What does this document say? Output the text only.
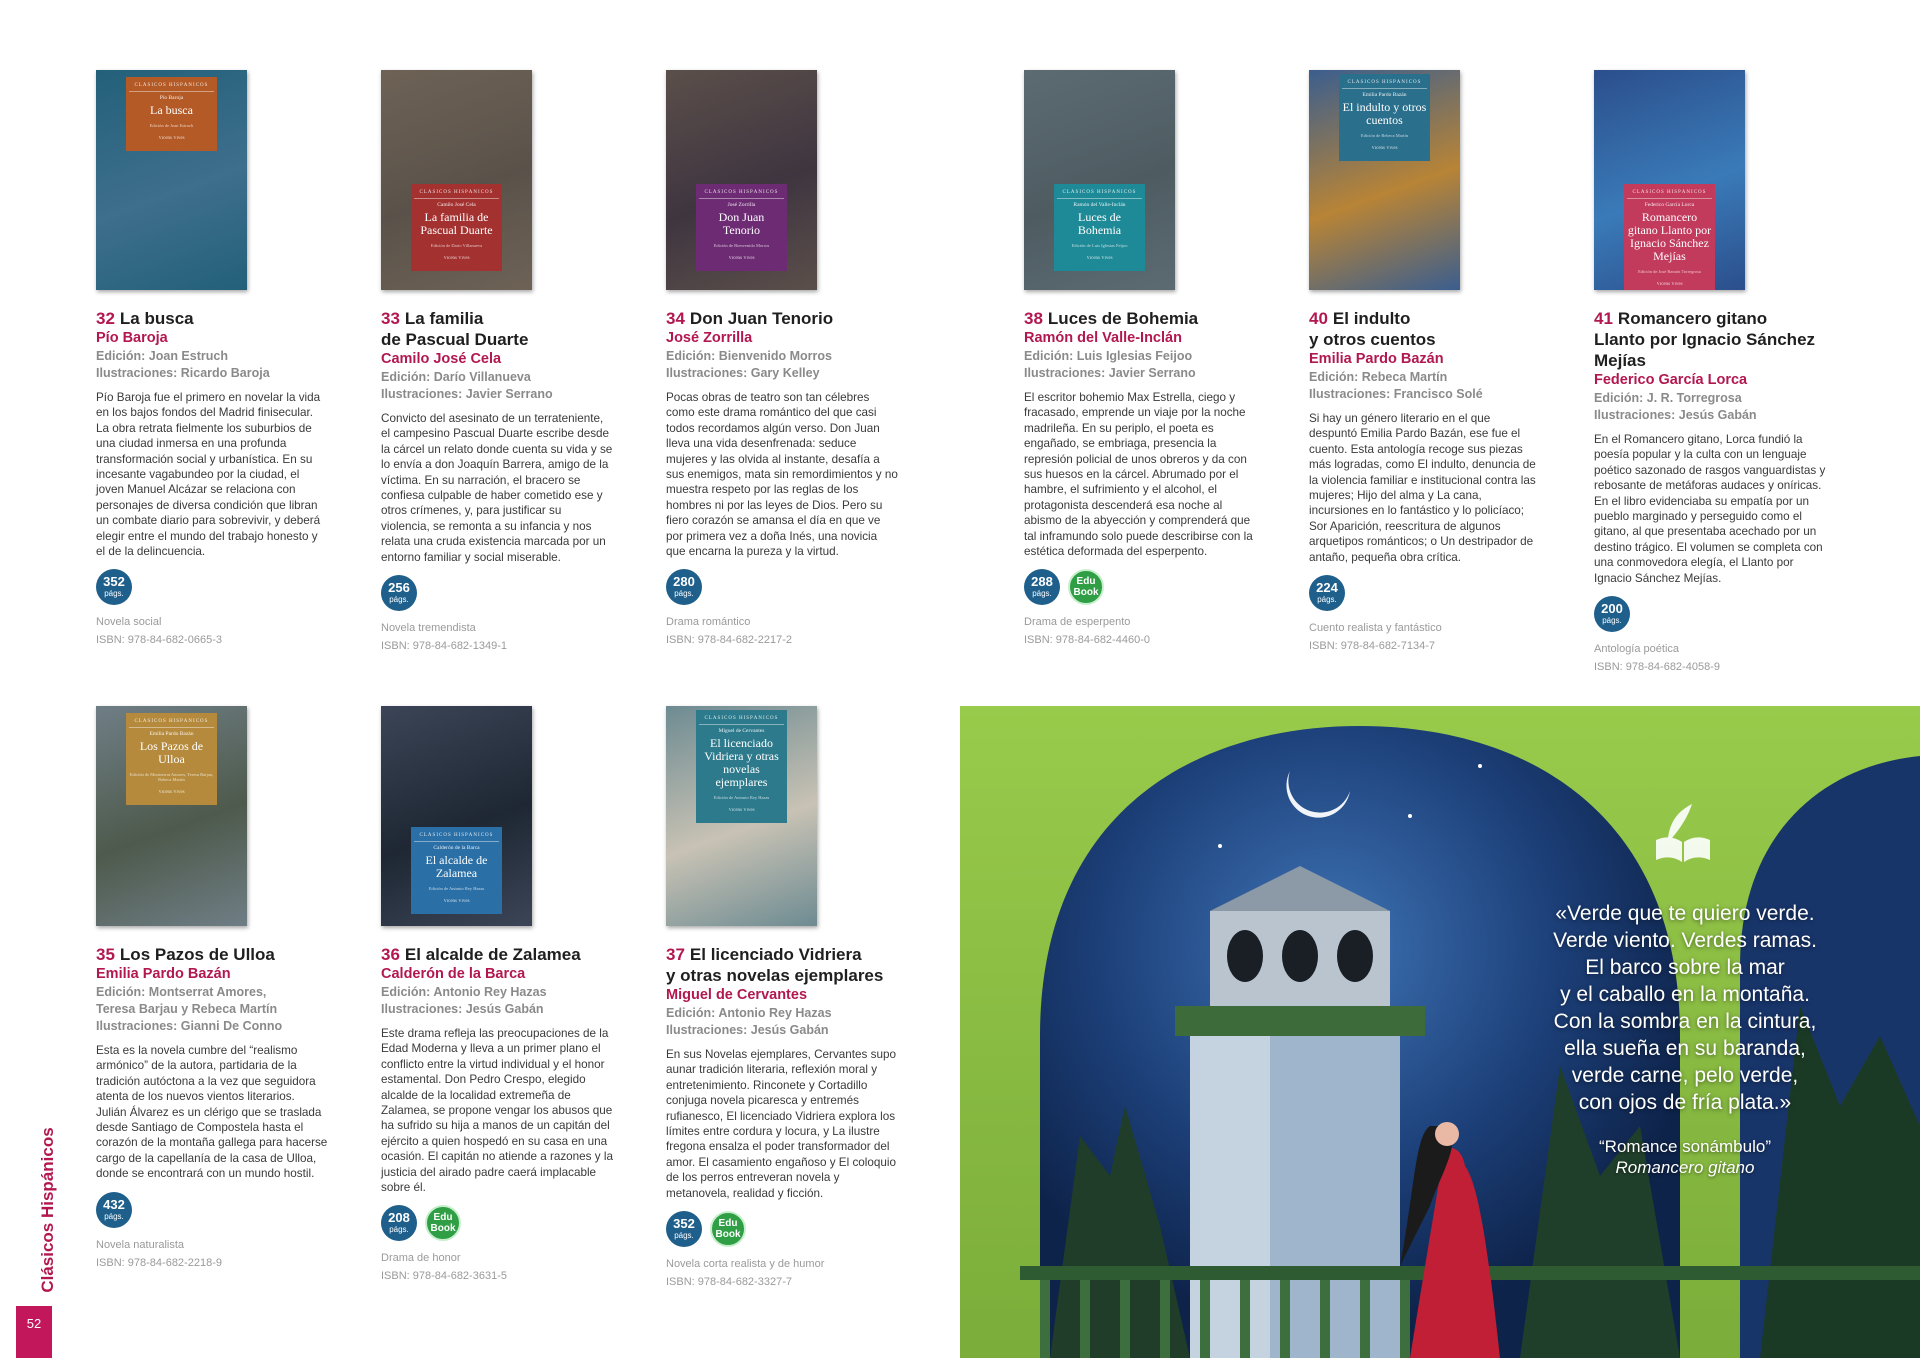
Clásicos Hispánicos
52
CLÁSICOS HISPÁNICOS
Pío Baroja
La busca
Edición de Joan Estruch
Vicens Vives
32 La busca
Pío Baroja
Edición: Joan Estruch
Ilustraciones: Ricardo Baroja
Pío Baroja fue el primero en novelar la vida en los bajos fondos del Madrid finisecular. La obra retrata fielmente los suburbios de una ciudad inmersa en una profunda transformación social y urbanística. En su incesante vagabundeo por la ciudad, el joven Manuel Alcázar se relaciona con personajes de diversa condición que libran un combate diario para sobrevivir, y deberá elegir entre el mundo del trabajo honesto y el de la delincuencia.
352
págs.
Novela social
ISBN: 978-84-682-0665-3
CLÁSICOS HISPÁNICOS
Camilo José Cela
La familia de Pascual Duarte
Edición de Darío Villanueva
Vicens Vives
33 La familia
de Pascual Duarte
Camilo José Cela
Edición: Darío Villanueva
Ilustraciones: Javier Serrano
Convicto del asesinato de un terrateniente, el campesino Pascual Duarte escribe desde la cárcel un relato donde cuenta su vida y se lo envía a don Joaquín Barrera, amigo de la víctima. En su narración, el bracero se confiesa culpable de haber cometido ese y otros crímenes, y, para justificar su violencia, se remonta a su infancia y nos relata una cruda existencia marcada por un entorno familiar y social miserable.
256
págs.
Novela tremendista
ISBN: 978-84-682-1349-1
CLÁSICOS HISPÁNICOS
José Zorrilla
Don Juan Tenorio
Edición de Bienvenido Morros
Vicens Vives
34 Don Juan Tenorio
José Zorrilla
Edición: Bienvenido Morros
Ilustraciones: Gary Kelley
Pocas obras de teatro son tan célebres como este drama romántico del que casi todos recordamos algún verso. Don Juan lleva una vida desenfrenada: seduce mujeres y las olvida al instante, desafía a sus enemigos, mata sin remordimientos y no muestra respeto por las reglas de los hombres ni por las leyes de Dios. Pero su fiero corazón se amansa el día en que ve por primera vez a doña Inés, una novicia que encarna la pureza y la virtud.
280
págs.
Drama romántico
ISBN: 978-84-682-2217-2
CLÁSICOS HISPÁNICOS
Ramón del Valle-Inclán
Luces de Bohemia
Edición de Luis Iglesias Feijoo
Vicens Vives
38 Luces de Bohemia
Ramón del Valle-Inclán
Edición: Luis Iglesias Feijoo
Ilustraciones: Javier Serrano
El escritor bohemio Max Estrella, ciego y fracasado, emprende un viaje por la noche madrileña. En su periplo, el poeta es engañado, se embriaga, presencia la represión policial de unos obreros y da con sus huesos en la cárcel. Abrumado por el hambre, el sufrimiento y el alcohol, el protagonista descenderá esa noche al abismo de la abyección y comprenderá que tal inframundo solo puede describirse con la estética deformada del esperpento.
288
págs.
Edu
Book
Drama de esperpento
ISBN: 978-84-682-4460-0
CLÁSICOS HISPÁNICOS
Emilia Pardo Bazán
El indulto y otros cuentos
Edición de Rebeca Martín
Vicens Vives
40 El indulto
y otros cuentos
Emilia Pardo Bazán
Edición: Rebeca Martín
Ilustraciones: Francisco Solé
Si hay un género literario en el que despuntó Emilia Pardo Bazán, ese fue el cuento. Esta antología recoge sus piezas más logradas, como El indulto, denuncia de la violencia familiar e institucional contra las mujeres; Hijo del alma y La cana, incursiones en lo fantástico y lo policíaco; Sor Aparición, reescritura de algunos arquetipos románticos; o Un destripador de antaño, pequeña obra crítica.
224
págs.
Cuento realista y fantástico
ISBN: 978-84-682-7134-7
CLÁSICOS HISPÁNICOS
Federico García Lorca
Romancero gitano Llanto por Ignacio Sánchez Mejías
Edición de José Ramón Torregrosa
Vicens Vives
41 Romancero gitano
Llanto por Ignacio Sánchez Mejías
Federico García Lorca
Edición: J. R. Torregrosa
Ilustraciones: Jesús Gabán
En el Romancero gitano, Lorca fundió la poesía popular y la culta con un lenguaje poético sazonado de rasgos vanguardistas y rebosante de metáforas audaces y oníricas. En el libro evidenciaba su empatía por un pueblo marginado y perseguido como el gitano, al que presentaba acechado por un destino trágico. El volumen se completa con una conmovedora elegía, el Llanto por Ignacio Sánchez Mejías.
200
págs.
Antología poética
ISBN: 978-84-682-4058-9
CLÁSICOS HISPÁNICOS
Emilia Pardo Bazán
Los Pazos de Ulloa
Edición de Montserrat Amores, Teresa Barjau, Rebeca Martín
Vicens Vives
35 Los Pazos de Ulloa
Emilia Pardo Bazán
Edición: Montserrat Amores,
Teresa Barjau y Rebeca Martín
Ilustraciones: Gianni De Conno
Esta es la novela cumbre del “realismo armónico” de la autora, partidaria de la tradición autóctona a la vez que seguidora atenta de los nuevos vientos literarios. Julián Álvarez es un clérigo que se traslada desde Santiago de Compostela hasta el corazón de la montaña gallega para hacerse cargo de la capellanía de la casa de Ulloa, donde se encontrará con un mundo hostil.
432
págs.
Novela naturalista
ISBN: 978-84-682-2218-9
CLÁSICOS HISPÁNICOS
Calderón de la Barca
El alcalde de Zalamea
Edición de Antonio Rey Hazas
Vicens Vives
36 El alcalde de Zalamea
Calderón de la Barca
Edición: Antonio Rey Hazas
Ilustraciones: Jesús Gabán
Este drama refleja las preocupaciones de la Edad Moderna y lleva a un primer plano el conflicto entre la virtud individual y el honor estamental. Don Pedro Crespo, elegido alcalde de la localidad extremeña de Zalamea, se propone vengar los abusos que ha sufrido su hija a manos de un capitán del ejército a quien hospedó en su casa en una ocasión. El capitán no atiende a razones y la justicia del airado padre caerá implacable sobre él.
208
págs.
Edu
Book
Drama de honor
ISBN: 978-84-682-3631-5
CLÁSICOS HISPÁNICOS
Miguel de Cervantes
El licenciado Vidriera y otras novelas ejemplares
Edición de Antonio Rey Hazas
Vicens Vives
37 El licenciado Vidriera
y otras novelas ejemplares
Miguel de Cervantes
Edición: Antonio Rey Hazas
Ilustraciones: Jesús Gabán
En sus Novelas ejemplares, Cervantes supo aunar tradición literaria, reflexión moral y entretenimiento. Rinconete y Cortadillo conjuga novela picaresca y entremés rufianesco, El licenciado Vidriera explora los límites entre cordura y locura, y La ilustre fregona ensalza el poder transformador del amor. El casamiento engañoso y El coloquio de los perros entreveran novela y metanovela, realidad y ficción.
352
págs.
Edu
Book
Novela corta realista y de humor
ISBN: 978-84-682-3327-7
«Verde que te quiero verde.
Verde viento. Verdes ramas.
El barco sobre la mar
y el caballo en la montaña.
Con la sombra en la cintura,
ella sueña en su baranda,
verde carne, pelo verde,
con ojos de fría plata.»
“Romance sonámbulo”
Romancero gitano
